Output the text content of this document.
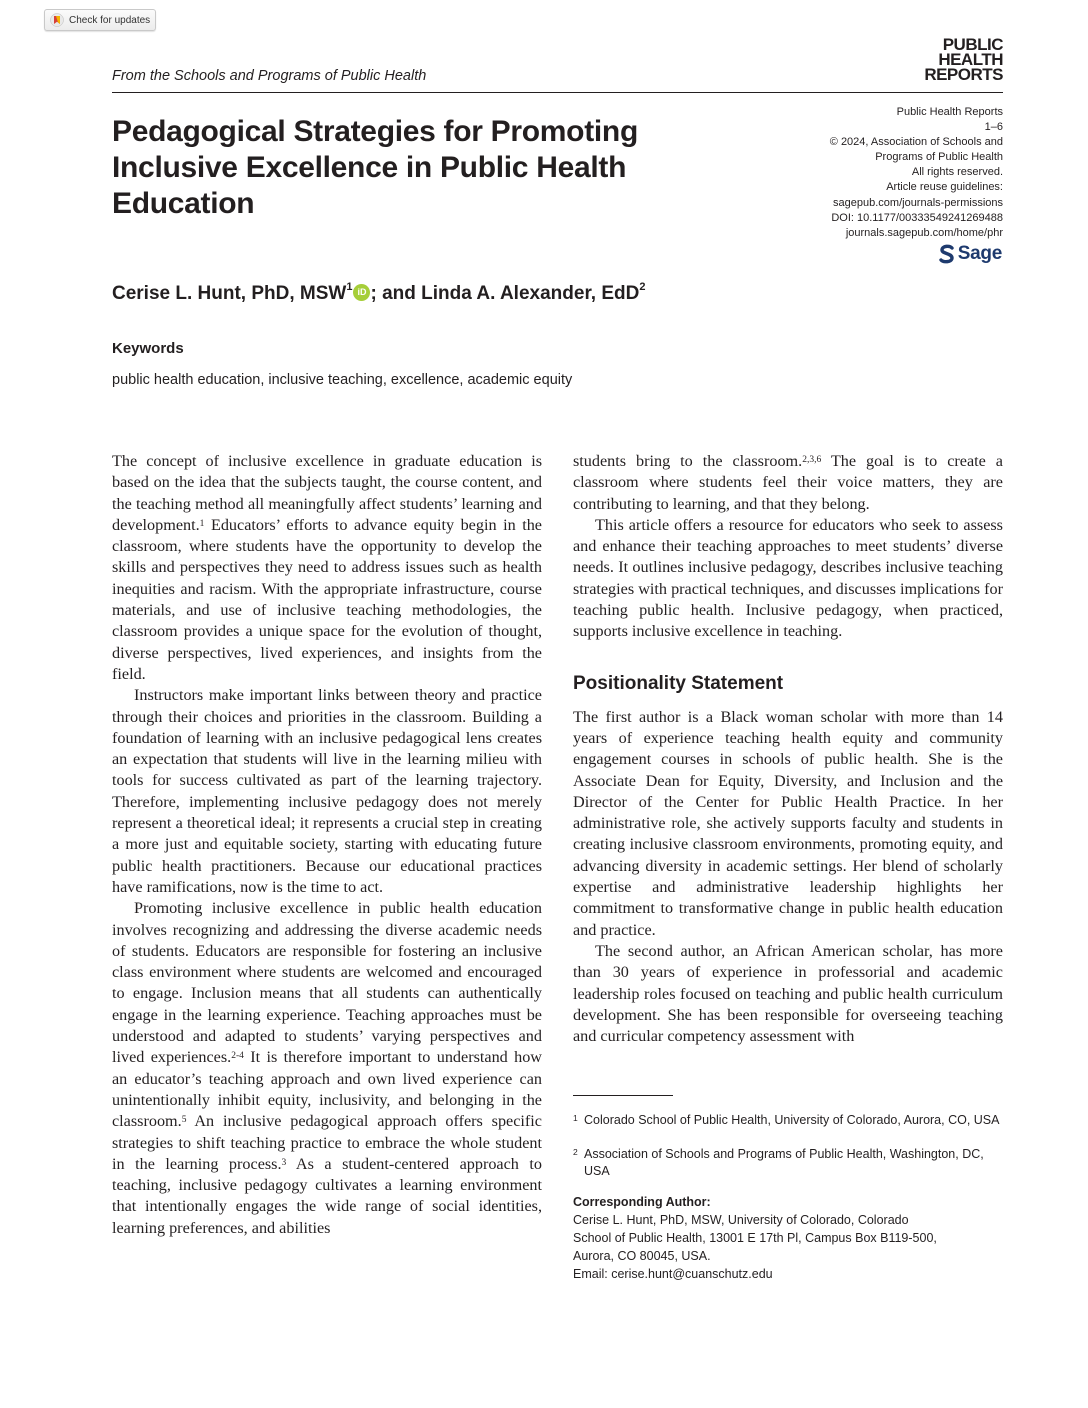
Check for updates
From the Schools and Programs of Public Health
PUBLIC
HEALTH
REPORTS
Public Health Reports
1–6
© 2024, Association of Schools and
Programs of Public Health
All rights reserved.
Article reuse guidelines:
sagepub.com/journals-permissions
DOI: 10.1177/00333549241269488
journals.sagepub.com/home/phr
Sage
Pedagogical Strategies for Promoting Inclusive Excellence in Public Health Education
Cerise L. Hunt, PhD, MSW$^1$ iD ; and Linda A. Alexander, EdD$^2$
Keywords
public health education, inclusive teaching, excellence, academic equity

The concept of inclusive excellence in graduate education is based on the idea that the subjects taught, the course content, and the teaching method all meaningfully affect students’ learning and development.$^1$ Educators’ efforts to advance equity begin in the classroom, where students have the opportunity to develop the skills and perspectives they need to address issues such as health inequities and racism. With the appropriate infrastructure, course materials, and use of inclusive teaching methodologies, the classroom provides a unique space for the evolution of thought, diverse perspectives, lived experiences, and insights from the field.

Instructors make important links between theory and practice through their choices and priorities in the classroom. Building a foundation of learning with an inclusive pedagogical lens creates an expectation that students will live in the learning milieu with tools for success cultivated as part of the learning trajectory. Therefore, implementing inclusive pedagogy does not merely represent a theoretical ideal; it represents a crucial step in creating a more just and equitable society, starting with educating future public health practitioners. Because our educational practices have ramifications, now is the time to act.

Promoting inclusive excellence in public health education involves recognizing and addressing the diverse academic needs of students. Educators are responsible for fostering an inclusive class environment where students are welcomed and encouraged to engage. Inclusion means that all students can authentically engage in the learning experience. Teaching approaches must be understood and adapted to students’ varying perspectives and lived experiences.$^{2-4}$ It is therefore important to understand how an educator’s teaching approach and own lived experience can unintentionally inhibit equity, inclusivity, and belonging in the classroom.$^5$ An inclusive pedagogical approach offers specific strategies to shift teaching practice to embrace the whole student in the learning process.$^3$ As a student-centered approach to teaching, inclusive pedagogy cultivates a learning environment that intentionally engages the wide range of social identities, learning preferences, and abilities

students bring to the classroom.$^{2,3,6}$ The goal is to create a classroom where students feel their voice matters, they are contributing to learning, and that they belong.

This article offers a resource for educators who seek to assess and enhance their teaching approaches to meet students’ diverse needs. It outlines inclusive pedagogy, describes inclusive teaching strategies with practical techniques, and discusses implications for teaching public health. Inclusive pedagogy, when practiced, supports inclusive excellence in teaching.

Positionality Statement

The first author is a Black woman scholar with more than 14 years of experience teaching health equity and community engagement courses in schools of public health. She is the Associate Dean for Equity, Diversity, and Inclusion and the Director of the Center for Public Health Practice. In her administrative role, she actively supports faculty and students in creating inclusive classroom environments, promoting equity, and advancing diversity in academic settings. Her blend of scholarly expertise and administrative leadership highlights her commitment to transformative change in public health education and practice.

The second author, an African American scholar, has more than 30 years of experience in professorial and academic leadership roles focused on teaching and public health curriculum development. She has been responsible for overseeing teaching and curricular competency assessment with

1 Colorado School of Public Health, University of Colorado, Aurora, CO, USA
2 Association of Schools and Programs of Public Health, Washington, DC, USA
Corresponding Author:
Cerise L. Hunt, PhD, MSW, University of Colorado, Colorado
School of Public Health, 13001 E 17th Pl, Campus Box B119-500,
Aurora, CO 80045, USA.
Email: cerise.hunt@cuanschutz.edu
